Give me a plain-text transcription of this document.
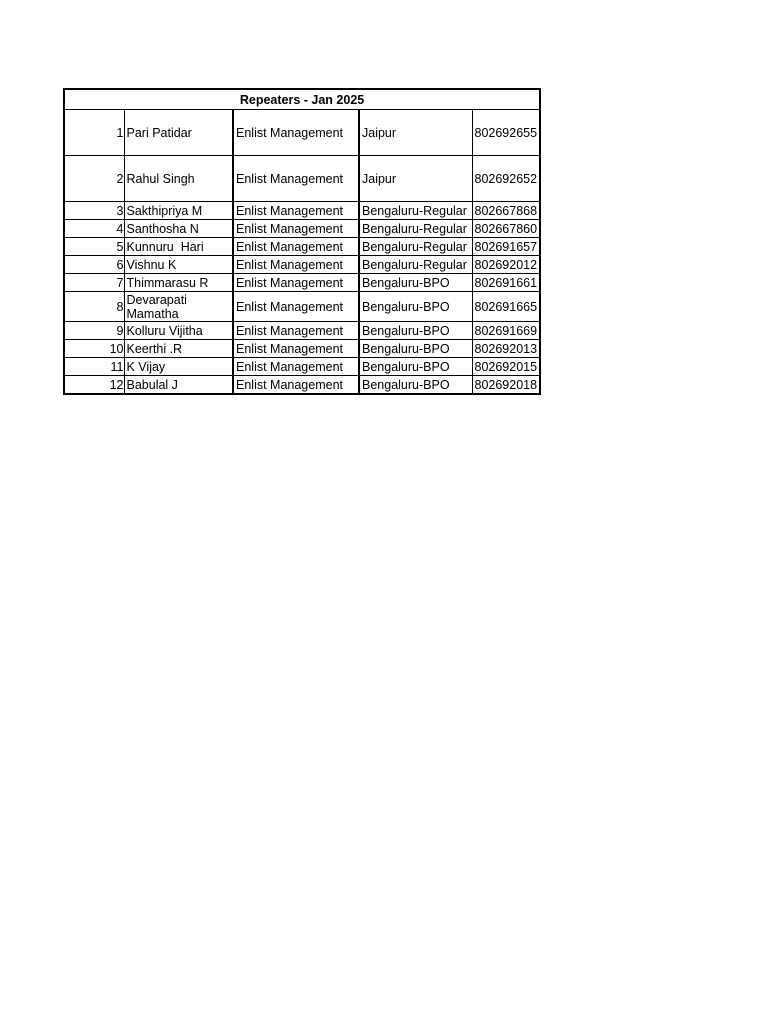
Repeaters - Jan 2025				
1	Pari Patidar	Enlist Management	Jaipur	802692655
2	Rahul Singh	Enlist Management	Jaipur	802692652
3	Sakthipriya M	Enlist Management	Bengaluru-Regular	802667868
4	Santhosha N	Enlist Management	Bengaluru-Regular	802667860
5	Kunnuru  Hari	Enlist Management	Bengaluru-Regular	802691657
6	Vishnu K	Enlist Management	Bengaluru-Regular	802692012
7	Thimmarasu R	Enlist Management	Bengaluru-BPO	802691661
8	Devarapati Mamatha	Enlist Management	Bengaluru-BPO	802691665
9	Kolluru Vijitha	Enlist Management	Bengaluru-BPO	802691669
10	Keerthi .R	Enlist Management	Bengaluru-BPO	802692013
11	K Vijay	Enlist Management	Bengaluru-BPO	802692015
12	Babulal J	Enlist Management	Bengaluru-BPO	802692018
